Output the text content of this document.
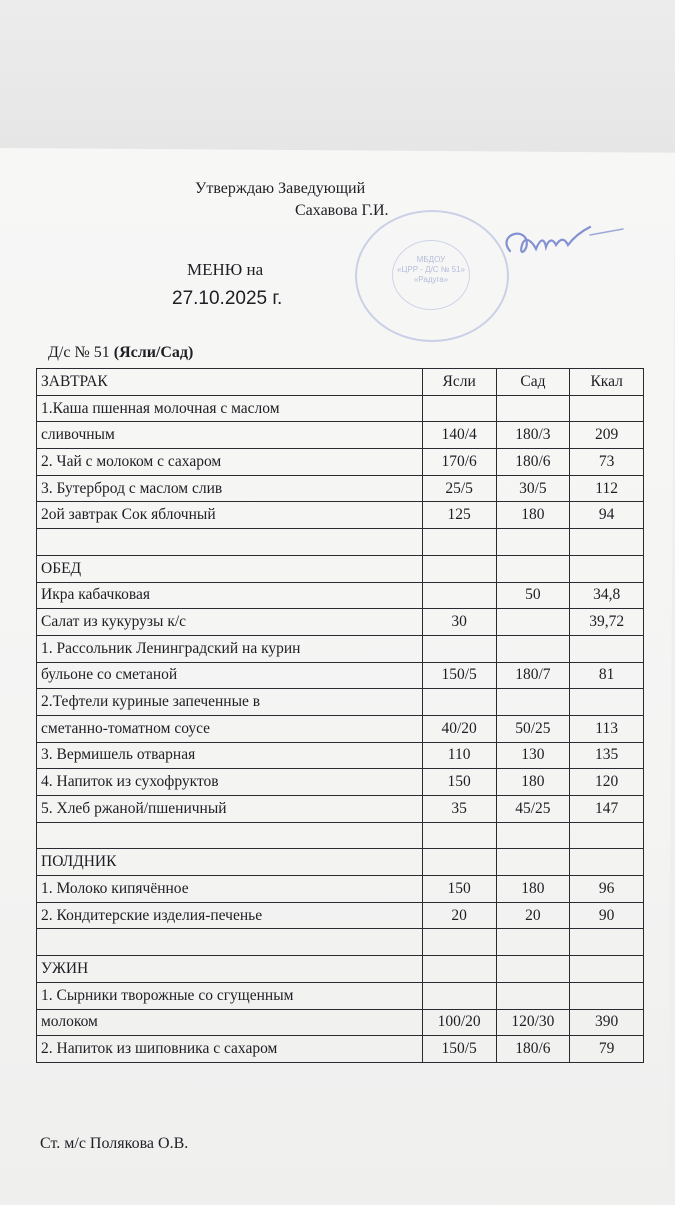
Утверждаю Заведующий
Сахавова Г.И.
МБДОУ
«ЦРР - Д/С № 51»
«Радуга»
МЕНЮ на
27.10.2025 г.
Д/с № 51 (Ясли/Сад)
ЗАВТРАК	Ясли	Сад	Ккал
1.Каша пшенная молочная с маслом			
сливочным	140/4	180/3	209
2. Чай с молоком с сахаром	170/6	180/6	73
3. Бутерброд с маслом слив	25/5	30/5	112
2ой завтрак Сок яблочный	125	180	94

ОБЕД			
Икра кабачковая		50	34,8
Салат из кукурузы к/с	30		39,72
1. Рассольник Ленинградский на курин			
бульоне со сметаной	150/5	180/7	81
2.Тефтели куриные запеченные в			
сметанно-томатном соусе	40/20	50/25	113
3. Вермишель отварная	110	130	135
4. Напиток из сухофруктов	150	180	120
5. Хлеб ржаной/пшеничный	35	45/25	147

ПОЛДНИК			
1. Молоко кипячённое	150	180	96
2. Кондитерские изделия-печенье	20	20	90

УЖИН			
1. Сырники творожные со сгущенным			
молоком	100/20	120/30	390
2. Напиток из шиповника с сахаром	150/5	180/6	79
Ст. м/с Полякова О.В.
